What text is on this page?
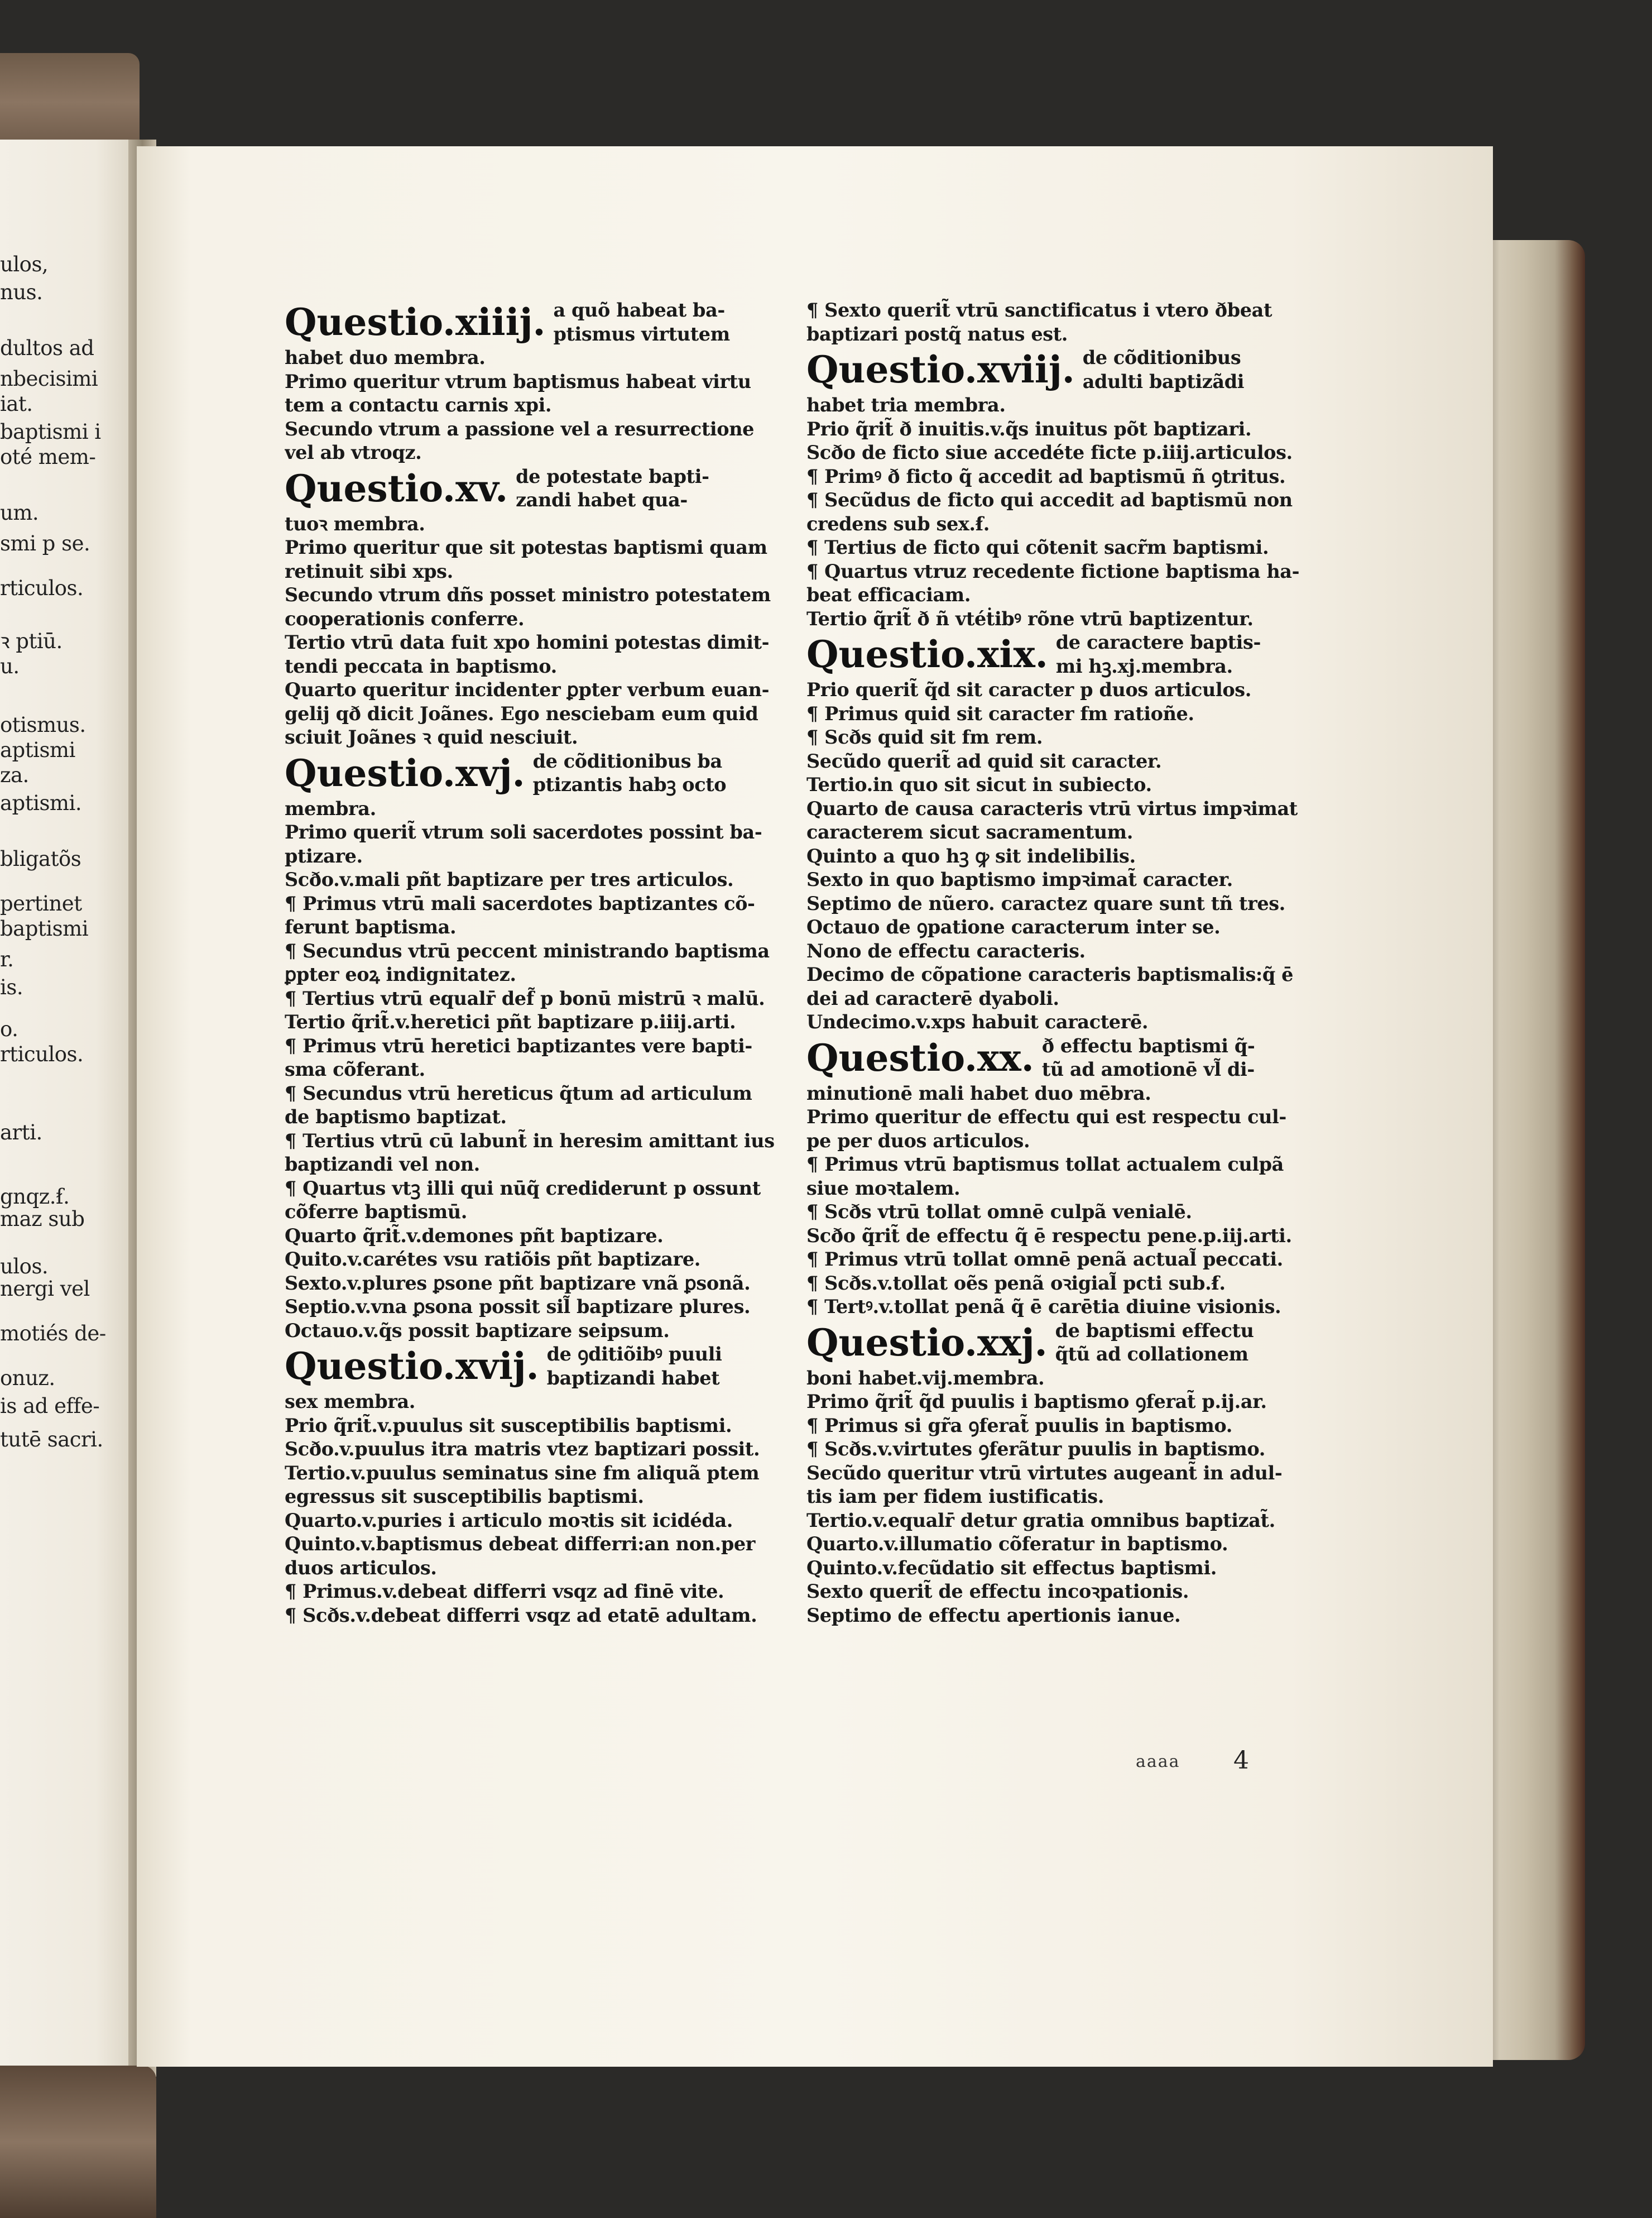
ulos,
nus.
dultos ad
nbecisimi
iat.
baptismi i
oté mem-
um.
smi p se.
rticulos.
ꝛ ptiū.
u.
otismus.
aptismi
za.
aptismi.
bligatõs
pertinet
baptismi
r.
is.
o.
rticulos.
arti.
gnqz.ẜ.
maz sub
ulos.
nergi vel
motiés de-
onuz.
is ad effe-
tutē sacri.
Questio.xiiij. a quõ habeat ba-
ptismus virtutem
habet duo membra.
Primo queritur vtrum baptismus habeat virtu
tem a contactu carnis xpi.
Secundo vtrum a passione vel a resurrectione
vel ab vtroqz.
Questio.xv. de potestate bapti-
zandi habet qua-
tuoꝛ membra.
Primo queritur que sit potestas baptismi quam
retinuit sibi xps.
Secundo vtrum dñs posset ministro potestatem
cooperationis conferre.
Tertio vtrū data fuit xpo homini potestas dimit-
tendi peccata in baptismo.
Quarto queritur incidenter ꝑpter verbum euan-
gelij qð dicit Joãnes. Ego nesciebam eum quid
sciuit Joãnes ꝛ quid nesciuit.
Questio.xvj. de cõditionibus ba
ptizantis habꝫ octo
membra.
Primo querit̃ vtrum soli sacerdotes possint ba-
ptizare.
Scðo.v.mali pñt baptizare per tres articulos.
¶ Primus vtrū mali sacerdotes baptizantes cõ-
ferunt baptisma.
¶ Secundus vtrū peccent ministrando baptisma
ꝑpter eoꝝ indignitatez.
¶ Tertius vtrū equalr̄ def̃ p bonū mistrū ꝛ malū.
Tertio q̃rit̃.v.heretici pñt baptizare p.iiij.arti.
¶ Primus vtrū heretici baptizantes vere bapti-
sma cõferant.
¶ Secundus vtrū hereticus q̃tum ad articulum
de baptismo baptizat.
¶ Tertius vtrū cū labunt̃ in heresim amittant ius
baptizandi vel non.
¶ Quartus vtꝫ illi qui nūq̃ crediderunt p ossunt
cõferre baptismū.
Quarto q̃rit̃.v.demones pñt baptizare.
Quito.v.carétes vsu ratiõis pñt baptizare.
Sexto.v.plures ꝑsone pñt baptizare vnã ꝑsonã.
Septio.v.vna ꝑsona possit sil̃ baptizare plures.
Octauo.v.q̃s possit baptizare seipsum.
Questio.xvij. de ꝯditiõibꝰ puuli
baptizandi habet
sex membra.
Prio q̃rit̃.v.puulus sit susceptibilis baptismi.
Scðo.v.puulus itra matris vtez baptizari possit.
Tertio.v.puulus seminatus sine fm aliquã ptem
egressus sit susceptibilis baptismi.
Quarto.v.puries i articulo moꝛtis sit icidéda.
Quinto.v.baptismus debeat differri:an non.per
duos articulos.
¶ Primus.v.debeat differri vsqz ad finē vite.
¶ Scðs.v.debeat differri vsqz ad etatē adultam.
¶ Sexto querit̃ vtrū sanctificatus i vtero ðbeat
baptizari postq̃ natus est.
Questio.xviij. de cõditionibus
adulti baptizãdi
habet tria membra.
Prio q̃rit̃ ð inuitis.v.q̃s inuitus põt baptizari.
Scðo de ficto siue accedéte ficte p.iiij.articulos.
¶ Primꝰ ð ficto q̃ accedit ad baptismū ñ ꝯtritus.
¶ Secũdus de ficto qui accedit ad baptismū non
credens sub sex.ẜ.
¶ Tertius de ficto qui cõtenit sacr̃m baptismi.
¶ Quartus vtruz recedente fictione baptisma ha-
beat efficaciam.
Tertio q̃rit̃ ð ñ vtéṫibꝰ rõne vtrū baptizentur.
Questio.xix. de caractere baptis-
mi hꝫ.xj.membra.
Prio querit̃ q̃d sit caracter p duos articulos.
¶ Primus quid sit caracter fm ratioñe.
¶ Scðs quid sit fm rem.
Secũdo querit̃ ad quid sit caracter.
Tertio.in quo sit sicut in subiecto.
Quarto de causa caracteris vtrū virtus impꝛimat
caracterem sicut sacramentum.
Quinto a quo hꝫ ꝙ sit indelibilis.
Sexto in quo baptismo impꝛimat̃ caracter.
Septimo de nũero. caractez quare sunt tñ tres.
Octauo de ꝯpatione caracterum inter se.
Nono de effectu caracteris.
Decimo de cõpatione caracteris baptismalis:q̃ ē
dei ad caracterē dyaboli.
Undecimo.v.xps habuit caracterē.
Questio.xx. ð effectu baptismi q̃-
tũ ad amotionē vl̃ di-
minutionē mali habet duo mēbra.
Primo queritur de effectu qui est respectu cul-
pe per duos articulos.
¶ Primus vtrū baptismus tollat actualem culpã
siue moꝛtalem.
¶ Scðs vtrū tollat omnē culpã venialē.
Scðo q̃rit̃ de effectu q̃ ē respectu pene.p.iij.arti.
¶ Primus vtrū tollat omnē penã actual̃ peccati.
¶ Scðs.v.tollat oẽs penã oꝛigial̃ pcti sub.ẜ.
¶ Tertꝰ.v.tollat penã q̃ ē carētia diuine visionis.
Questio.xxj. de baptismi effectu
q̃tũ ad collationem
boni habet.vij.membra.
Primo q̃rit̃ q̃d puulis i baptismo ꝯferat̃ p.ij.ar.
¶ Primus si gr̃a ꝯferat̃ puulis in baptismo.
¶ Scðs.v.virtutes ꝯferãtur puulis in baptismo.
Secũdo queritur vtrū virtutes augeant̃ in adul-
tis iam per fidem iustificatis.
Tertio.v.equalr̄ detur gratia omnibus baptizat̃.
Quarto.v.illumatio cõferatur in baptismo.
Quinto.v.fecũdatio sit effectus baptismi.
Sexto querit̃ de effectu incoꝛpationis.
Septimo de effectu apertionis ianue.
aaaa 4
